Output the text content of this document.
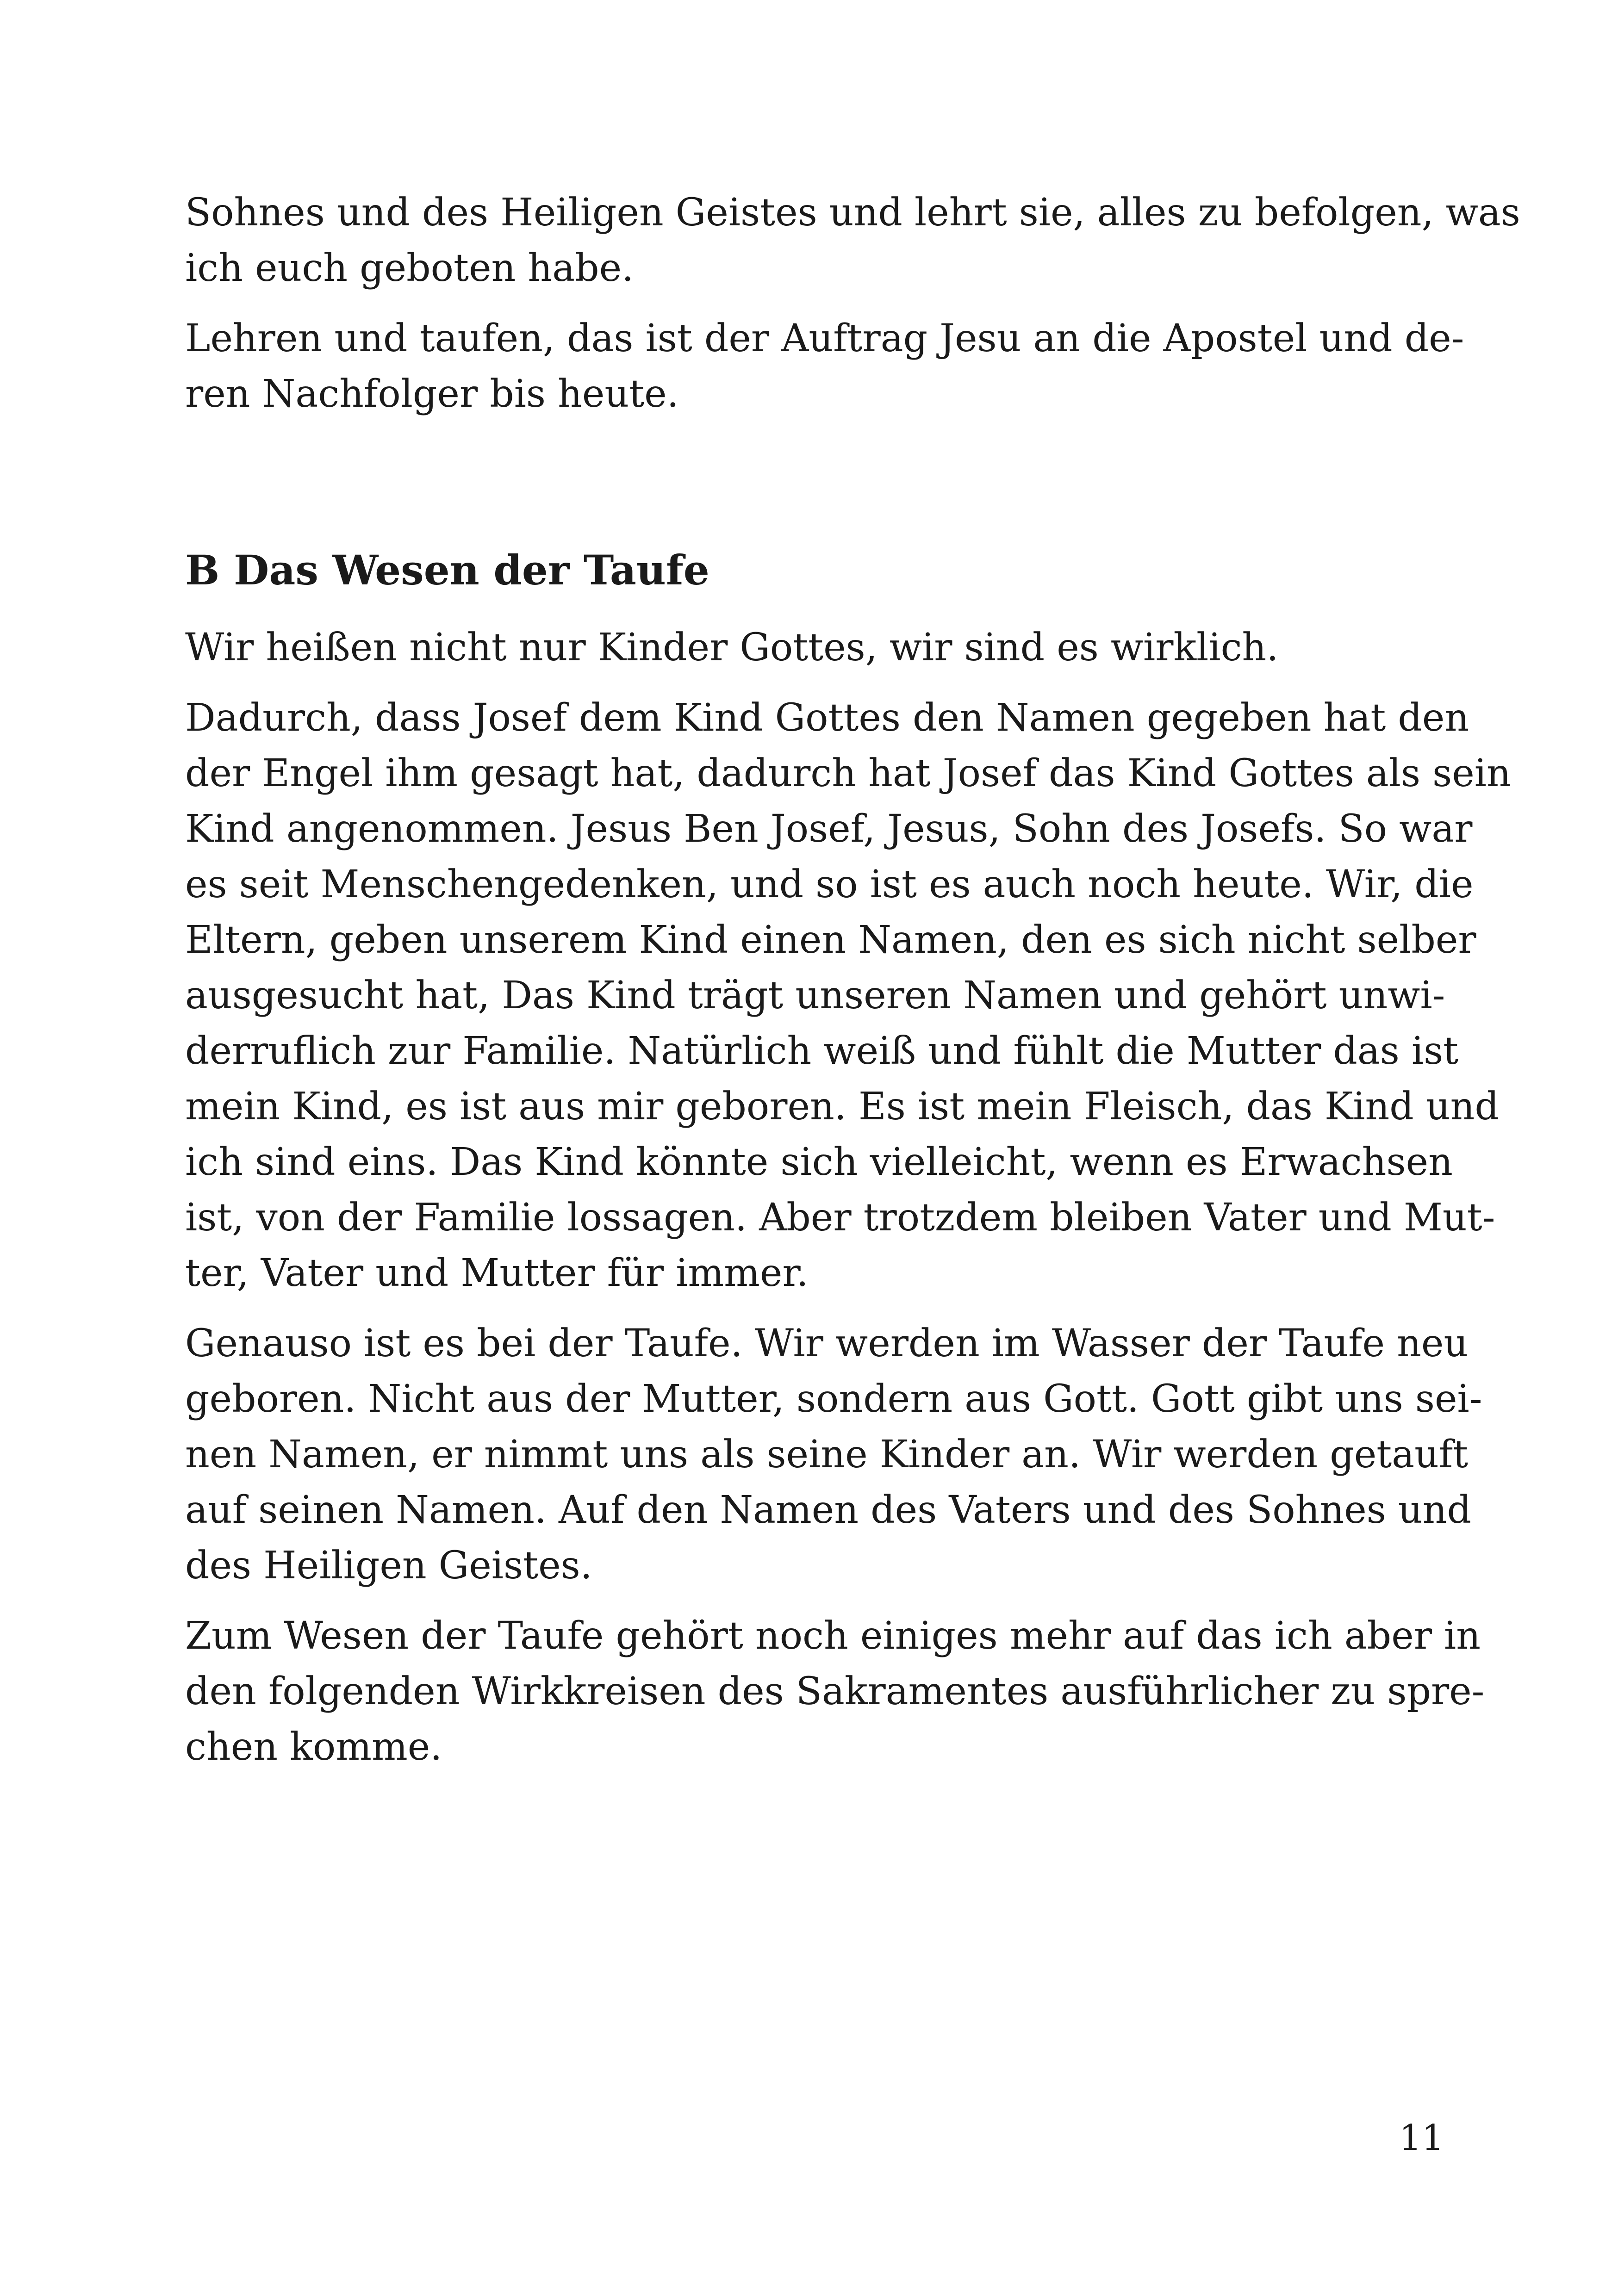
Sohnes und des Heiligen Geistes und lehrt sie, alles zu befolgen, was
ich euch geboten habe.

Lehren und taufen, das ist der Auftrag Jesu an die Apostel und de-
ren Nachfolger bis heute.

B Das Wesen der Taufe

Wir heißen nicht nur Kinder Gottes, wir sind es wirklich.

Dadurch, dass Josef dem Kind Gottes den Namen gegeben hat den
der Engel ihm gesagt hat, dadurch hat Josef das Kind Gottes als sein
Kind angenommen. Jesus Ben Josef, Jesus, Sohn des Josefs. So war
es seit Menschengedenken, und so ist es auch noch heute. Wir, die
Eltern, geben unserem Kind einen Namen, den es sich nicht selber
ausgesucht hat, Das Kind trägt unseren Namen und gehört unwi-
derruflich zur Familie. Natürlich weiß und fühlt die Mutter das ist
mein Kind, es ist aus mir geboren. Es ist mein Fleisch, das Kind und
ich sind eins. Das Kind könnte sich vielleicht, wenn es Erwachsen
ist, von der Familie lossagen. Aber trotzdem bleiben Vater und Mut-
ter, Vater und Mutter für immer.

Genauso ist es bei der Taufe. Wir werden im Wasser der Taufe neu
geboren. Nicht aus der Mutter, sondern aus Gott. Gott gibt uns sei-
nen Namen, er nimmt uns als seine Kinder an. Wir werden getauft
auf seinen Namen. Auf den Namen des Vaters und des Sohnes und
des Heiligen Geistes.

Zum Wesen der Taufe gehört noch einiges mehr auf das ich aber in
den folgenden Wirkkreisen des Sakramentes ausführlicher zu spre-
chen komme.

11
